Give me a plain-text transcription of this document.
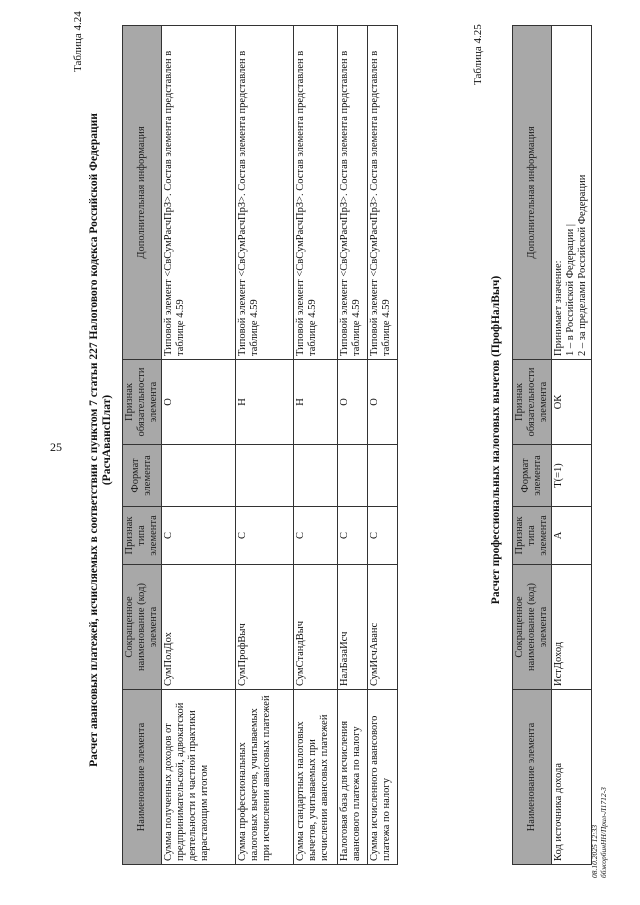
25
Таблица 4.24
Расчет авансовых платежей, исчисляемых в соответствии с пунктом 7 статьи 227 Налогового кодекса Российской Федерации (РасчАвансПлат)
Наименование элемента	Сокращенное наименование (код) элемента	Признак типа элемента	Формат элемента	Признак обязательности элемента	Дополнительная информация
Сумма полученных доходов от предпринимательской, адвокатской деятельности и частной практики нарастающим итогом	СумПолДох	С		О	Типовой элемент <СвСумРасчПрЗ>. Состав элемента представлен в таблице 4.59
Сумма профессиональных налоговых вычетов, учитываемых при исчислении авансовых платежей	СумПрофВыч	С		Н	Типовой элемент <СвСумРасчПрЗ>. Состав элемента представлен в таблице 4.59
Сумма стандартных налоговых вычетов, учитываемых при исчислении авансовых платежей	СумСтандВыч	С		Н	Типовой элемент <СвСумРасчПрЗ>. Состав элемента представлен в таблице 4.59
Налоговая база для исчисления авансового платежа по налогу	НалБазаИсч	С		О	Типовой элемент <СвСумРасчПрЗ>. Состав элемента представлен в таблице 4.59
Сумма исчисленного авансового платежа по налогу	СумИсчАванс	С		О	Типовой элемент <СвСумРасчПрЗ>. Состав элемента представлен в таблице 4.59
Таблица 4.25
Расчет профессиональных налоговых вычетов (ПрофНалВыч)
Наименование элемента	Сокращенное наименование (код) элемента	Признак типа элемента	Формат элемента	Признак обязательности элемента	Дополнительная информация
Код источника дохода	ИстДоход	А	T(=1)	ОК	Принимает значение: 1 – в Российской Федерации | 2 – за пределами Российской Федерации
08.10.2025 12:33 ббжорбинНН/Прил-Л1712-3
